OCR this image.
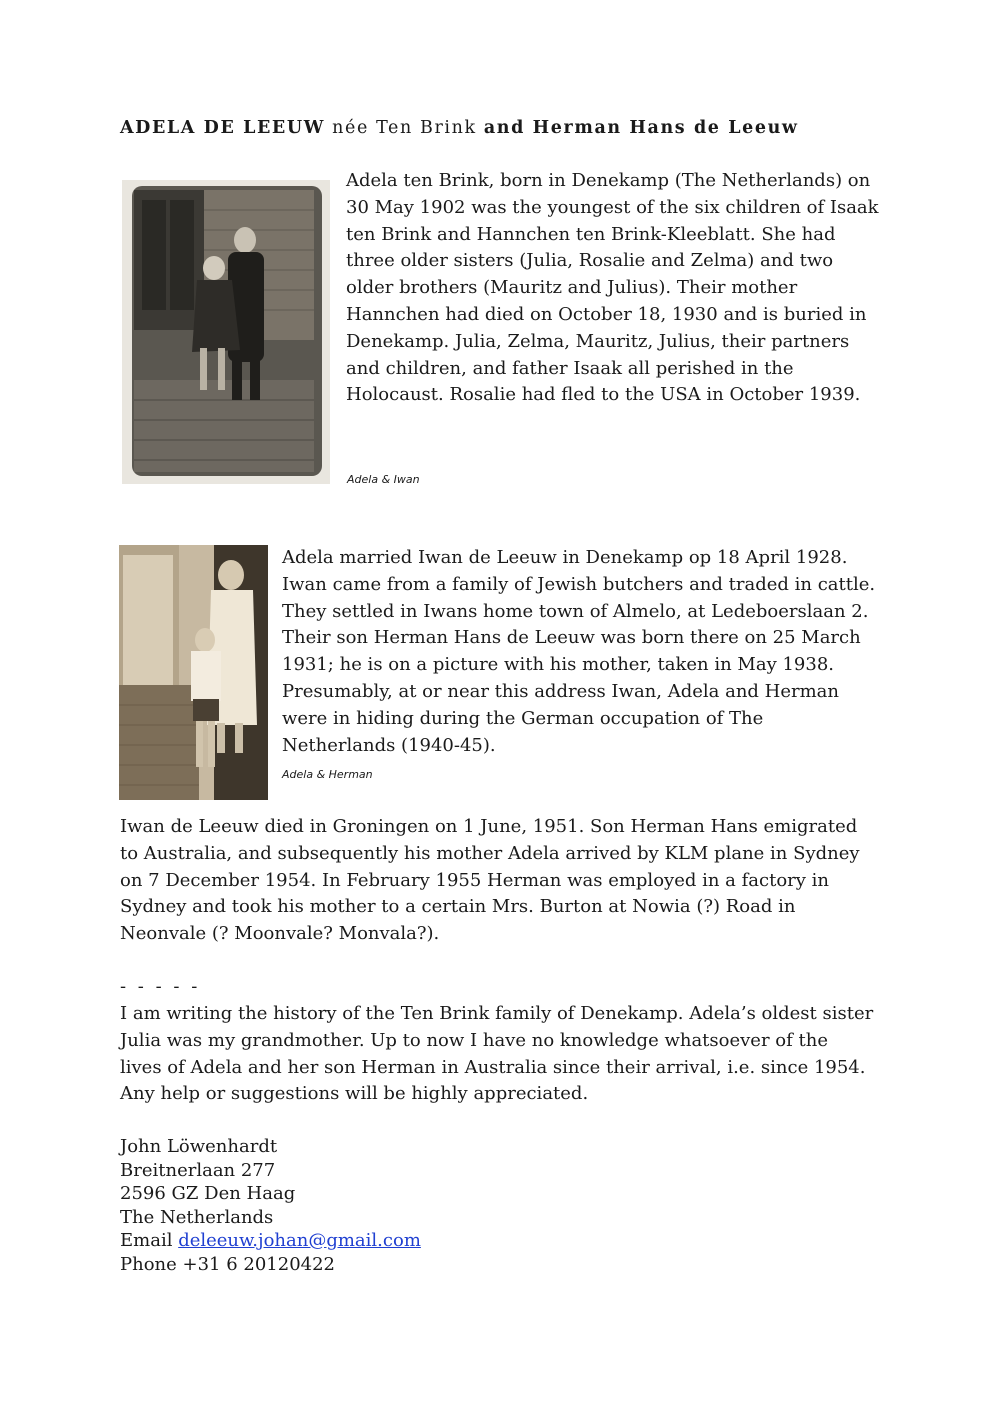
ADELA DE LEEUW née Ten Brink and Herman Hans de Leeuw

Adela ten Brink, born in Denekamp (The Netherlands) on 30 May 1902 was the youngest of the six children of Isaak ten Brink and Hannchen ten Brink-Kleeblatt. She had three older sisters (Julia, Rosalie and Zelma) and two older brothers (Mauritz and Julius). Their mother Hannchen had died on October 18, 1930 and is buried in Denekamp. Julia, Zelma, Mauritz, Julius, their partners and children, and father Isaak all perished in the Holocaust. Rosalie had fled to the USA in October 1939.

Adela & Iwan

Adela married Iwan de Leeuw in Denekamp op 18 April 1928. Iwan came from a family of Jewish butchers and traded in cattle. They settled in Iwans home town of Almelo, at Ledeboerslaan 2. Their son Herman Hans de Leeuw was born there on 25 March 1931; he is on a picture with his mother, taken in May 1938. Presumably, at or near this address Iwan, Adela and Herman were in hiding during the German occupation of The Netherlands (1940-45).

Adela & Herman

Iwan de Leeuw died in Groningen on 1 June, 1951. Son Herman Hans emigrated to Australia, and subsequently his mother Adela arrived by KLM plane in Sydney on 7 December 1954. In February 1955 Herman was employed in a factory in Sydney and took his mother to a certain Mrs. Burton at Nowia (?) Road in Neonvale (? Moonvale? Monvala?).

- - - - -

I am writing the history of the Ten Brink family of Denekamp. Adela’s oldest sister Julia was my grandmother. Up to now I have no knowledge whatsoever of the lives of Adela and her son Herman in Australia since their arrival, i.e. since 1954. Any help or suggestions will be highly appreciated.

John Löwenhardt
Breitnerlaan 277
2596 GZ Den Haag
The Netherlands
Email deleeuw.johan@gmail.com
Phone +31 6 20120422
